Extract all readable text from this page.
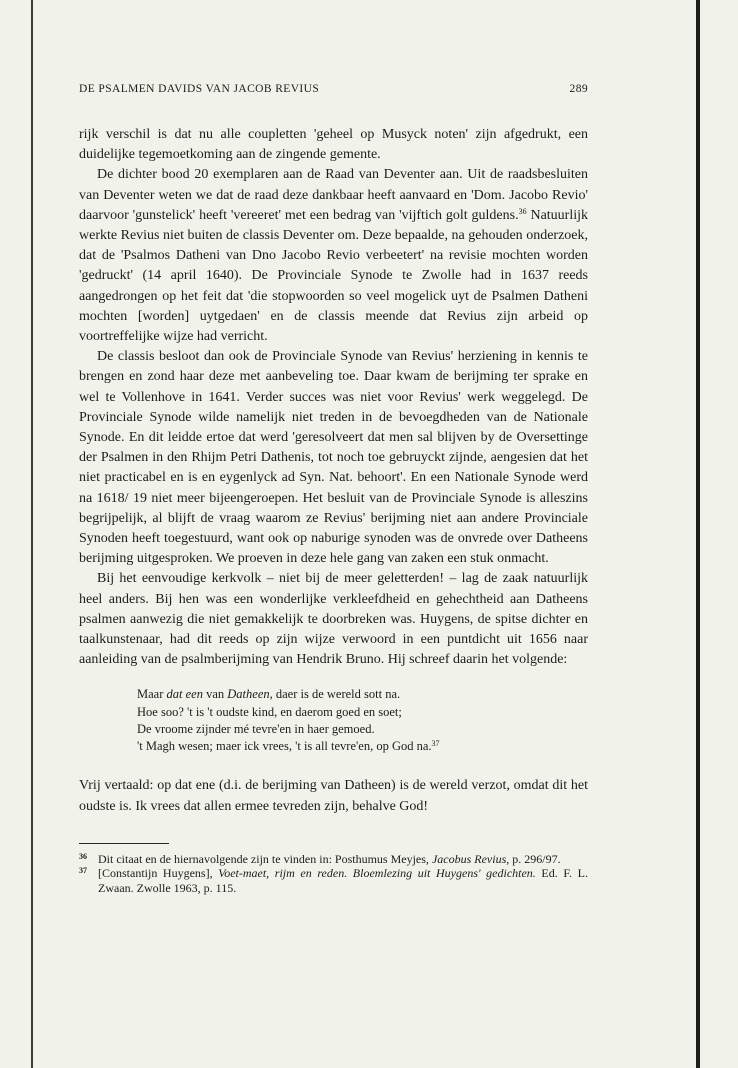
DE PSALMEN DAVIDS VAN JACOB REVIUS	289

rijk verschil is dat nu alle coupletten 'geheel op Musyck noten' zijn afgedrukt, een duidelijke tegemoetkoming aan de zingende gemente.

De dichter bood 20 exemplaren aan de Raad van Deventer aan. Uit de raadsbesluiten van Deventer weten we dat de raad deze dankbaar heeft aanvaard en 'Dom. Jacobo Revio' daarvoor 'gunstelick' heeft 'vereeret' met een bedrag van 'vijftich golt guldens.$^{36}$ Natuurlijk werkte Revius niet buiten de classis Deventer om. Deze bepaalde, na gehouden onderzoek, dat de 'Psalmos Datheni van Dno Jacobo Revio verbeetert' na revisie mochten worden 'gedruckt' (14 april 1640). De Provinciale Synode te Zwolle had in 1637 reeds aangedrongen op het feit dat 'die stopwoorden so veel mogelick uyt de Psalmen Datheni mochten [worden] uytgedaen' en de classis meende dat Revius zijn arbeid op voortreffelijke wijze had verricht.

De classis besloot dan ook de Provinciale Synode van Revius' herziening in kennis te brengen en zond haar deze met aanbeveling toe. Daar kwam de berijming ter sprake en wel te Vollenhove in 1641. Verder succes was niet voor Revius' werk weggelegd. De Provinciale Synode wilde namelijk niet treden in de bevoegdheden van de Nationale Synode. En dit leidde ertoe dat werd 'geresolveert dat men sal blijven by de Oversettinge der Psalmen in den Rhijm Petri Dathenis, tot noch toe gebruyckt zijnde, aengesien dat het niet practicabel en is en eygenlyck ad Syn. Nat. behoort'. En een Nationale Synode werd na 1618/ 19 niet meer bijeengeroepen. Het besluit van de Provinciale Synode is alleszins begrijpelijk, al blijft de vraag waarom ze Revius' berijming niet aan andere Provinciale Synoden heeft toegestuurd, want ook op naburige synoden was de onvrede over Datheens berijming uitgesproken. We proeven in deze hele gang van zaken een stuk onmacht.

Bij het eenvoudige kerkvolk – niet bij de meer geletterden! – lag de zaak natuurlijk heel anders. Bij hen was een wonderlijke verkleefdheid en gehechtheid aan Datheens psalmen aanwezig die niet gemakkelijk te doorbreken was. Huygens, de spitse dichter en taalkunstenaar, had dit reeds op zijn wijze verwoord in een puntdicht uit 1656 naar aanleiding van de psalmberijming van Hendrik Bruno. Hij schreef daarin het volgende:

Maar dat een van Datheen, daer is de wereld sott na.
Hoe soo? 't is 't oudste kind, en daerom goed en soet;
De vroome zijnder mé tevre'en in haer gemoed.
't Magh wesen; maer ick vrees, 't is all tevre'en, op God na.$^{37}$

Vrij vertaald: op dat ene (d.i. de berijming van Datheen) is de wereld verzot, omdat dit het oudste is. Ik vrees dat allen ermee tevreden zijn, behalve God!

36 Dit citaat en de hiernavolgende zijn te vinden in: Posthumus Meyjes, Jacobus Revius, p. 296/97.
37 [Constantijn Huygens], Voet-maet, rijm en reden. Bloemlezing uit Huygens' gedichten. Ed. F. L. Zwaan. Zwolle 1963, p. 115.
